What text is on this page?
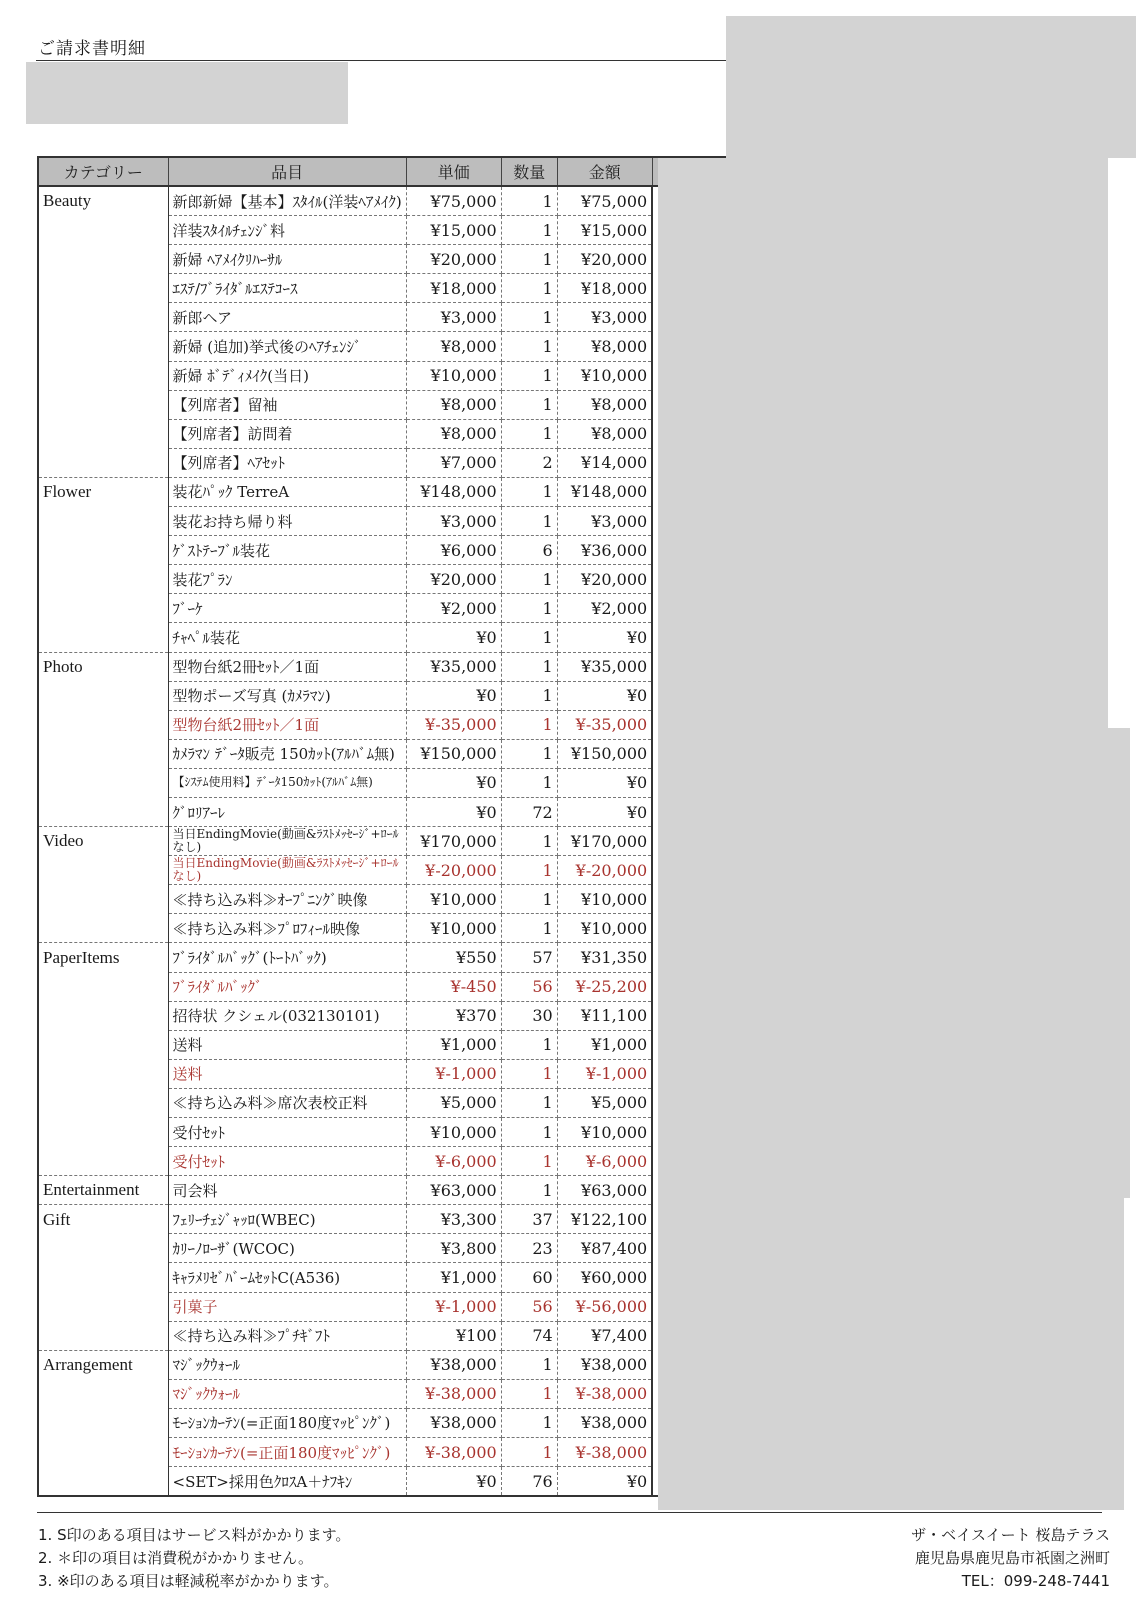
ご請求書明細
カテゴリー	品目	単価	数量	金額	
Beauty	新郎新婦【基本】ｽﾀｲﾙ(洋装ﾍｱﾒｲｸ)	¥75,000	1	¥75,000	
	洋装ｽﾀｲﾙﾁｪﾝｼﾞ料	¥15,000	1	¥15,000	
	新婦 ﾍｱﾒｲｸﾘﾊｰｻﾙ	¥20,000	1	¥20,000	
	ｴｽﾃ/ﾌﾞﾗｲﾀﾞﾙｴｽﾃｺｰｽ	¥18,000	1	¥18,000	
	新郎ヘア	¥3,000	1	¥3,000	
	新婦 (追加)挙式後のﾍｱﾁｪﾝｼﾞ	¥8,000	1	¥8,000	
	新婦 ﾎﾞﾃﾞｨﾒｲｸ(当日)	¥10,000	1	¥10,000	
	【列席者】留袖	¥8,000	1	¥8,000	
	【列席者】訪問着	¥8,000	1	¥8,000	
	【列席者】ﾍｱｾｯﾄ	¥7,000	2	¥14,000	
Flower	装花ﾊﾟｯｸ TerreA	¥148,000	1	¥148,000	
	装花お持ち帰り料	¥3,000	1	¥3,000	
	ｹﾞｽﾄﾃｰﾌﾞﾙ装花	¥6,000	6	¥36,000	
	装花ﾌﾟﾗﾝ	¥20,000	1	¥20,000	
	ﾌﾞｰｹ	¥2,000	1	¥2,000	
	ﾁｬﾍﾟﾙ装花	¥0	1	¥0	
Photo	型物台紙2冊ｾｯﾄ／1面	¥35,000	1	¥35,000	
	型物ポーズ写真 (ｶﾒﾗﾏﾝ)	¥0	1	¥0	
	型物台紙2冊ｾｯﾄ／1面	¥-35,000	1	¥-35,000	
	ｶﾒﾗﾏﾝ ﾃﾞｰﾀ販売 150ｶｯﾄ(ｱﾙﾊﾞﾑ無)	¥150,000	1	¥150,000	
	【ｼｽﾃﾑ使用料】ﾃﾞｰﾀ150ｶｯﾄ(ｱﾙﾊﾞﾑ無)	¥0	1	¥0	
	ｸﾞﾛﾘｱｰﾚ	¥0	72	¥0	
Video	当日EndingMovie(動画&ﾗｽﾄﾒｯｾｰｼﾞ+ﾛｰﾙなし)	¥170,000	1	¥170,000	
	当日EndingMovie(動画&ﾗｽﾄﾒｯｾｰｼﾞ+ﾛｰﾙなし)	¥-20,000	1	¥-20,000	
	≪持ち込み料≫ｵｰﾌﾟﾆﾝｸﾞ映像	¥10,000	1	¥10,000	
	≪持ち込み料≫ﾌﾟﾛﾌｨｰﾙ映像	¥10,000	1	¥10,000	
PaperItems	ﾌﾞﾗｲﾀﾞﾙﾊﾞｯｸﾞ(ﾄｰﾄﾊﾞｯｸ)	¥550	57	¥31,350	
	ﾌﾞﾗｲﾀﾞﾙﾊﾞｯｸﾞ	¥-450	56	¥-25,200	
	招待状 クシェル(032130101)	¥370	30	¥11,100	
	送料	¥1,000	1	¥1,000	
	送料	¥-1,000	1	¥-1,000	
	≪持ち込み料≫席次表校正料	¥5,000	1	¥5,000	
	受付ｾｯﾄ	¥10,000	1	¥10,000	
	受付ｾｯﾄ	¥-6,000	1	¥-6,000	
Entertainment	司会料	¥63,000	1	¥63,000	
Gift	ﾌｪﾘｰﾁｪｼﾞｬｯﾛ(WBEC)	¥3,300	37	¥122,100	
	ｶﾘｰﾉﾛｰｻﾞ(WCOC)	¥3,800	23	¥87,400	
	ｷｬﾗﾒﾘｾﾞﾊﾞｰﾑｾｯﾄC(A536)	¥1,000	60	¥60,000	
	引菓子	¥-1,000	56	¥-56,000	
	≪持ち込み料≫ﾌﾟﾁｷﾞﾌﾄ	¥100	74	¥7,400	
Arrangement	ﾏｼﾞｯｸｳｫｰﾙ	¥38,000	1	¥38,000	
	ﾏｼﾞｯｸｳｫｰﾙ	¥-38,000	1	¥-38,000	
	ﾓｰｼｮﾝｶｰﾃﾝ(=正面180度ﾏｯﾋﾟﾝｸﾞ)	¥38,000	1	¥38,000	
	ﾓｰｼｮﾝｶｰﾃﾝ(=正面180度ﾏｯﾋﾟﾝｸﾞ)	¥-38,000	1	¥-38,000	
	<SET>採用色ｸﾛｽA＋ﾅﾌｷﾝ	¥0	76	¥0	
1. S印のある項目はサービス料がかかります。
2. ＊印の項目は消費税がかかりません。
3. ※印のある項目は軽減税率がかかります。
ザ・ベイスイート 桜島テラス
鹿児島県鹿児島市祇園之洲町
TEL：099-248-7441
